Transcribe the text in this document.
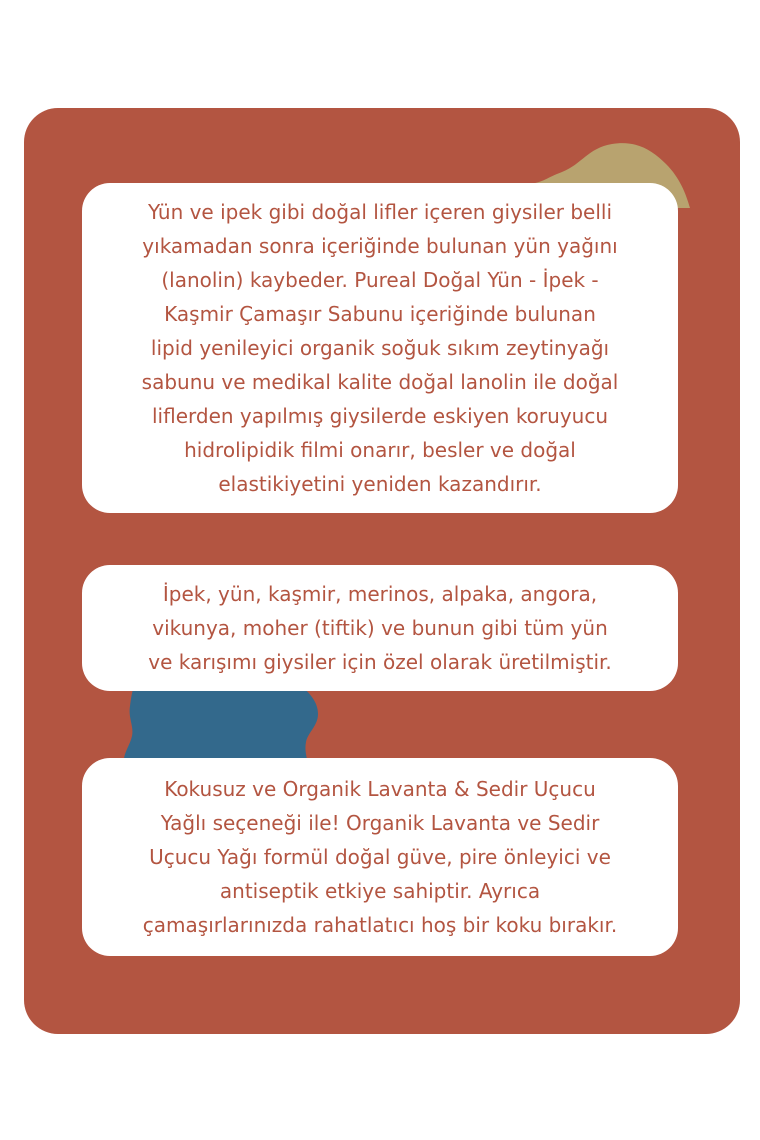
Yün ve ipek gibi doğal lifler içeren giysiler belli
yıkamadan sonra içeriğinde bulunan yün yağını
(lanolin) kaybeder. Pureal Doğal Yün - İpek -
Kaşmir Çamaşır Sabunu içeriğinde bulunan
lipid yenileyici organik soğuk sıkım zeytinyağı
sabunu ve medikal kalite doğal lanolin ile doğal
liflerden yapılmış giysilerde eskiyen koruyucu
hidrolipidik filmi onarır, besler ve doğal
elastikiyetini yeniden kazandırır.

İpek, yün, kaşmir, merinos, alpaka, angora,
vikunya, moher (tiftik) ve bunun gibi tüm yün
ve karışımı giysiler için özel olarak üretilmiştir.

Kokusuz ve Organik Lavanta & Sedir Uçucu
Yağlı seçeneği ile! Organik Lavanta ve Sedir
Uçucu Yağı formül doğal güve, pire önleyici ve
antiseptik etkiye sahiptir. Ayrıca
çamaşırlarınızda rahatlatıcı hoş bir koku bırakır.
